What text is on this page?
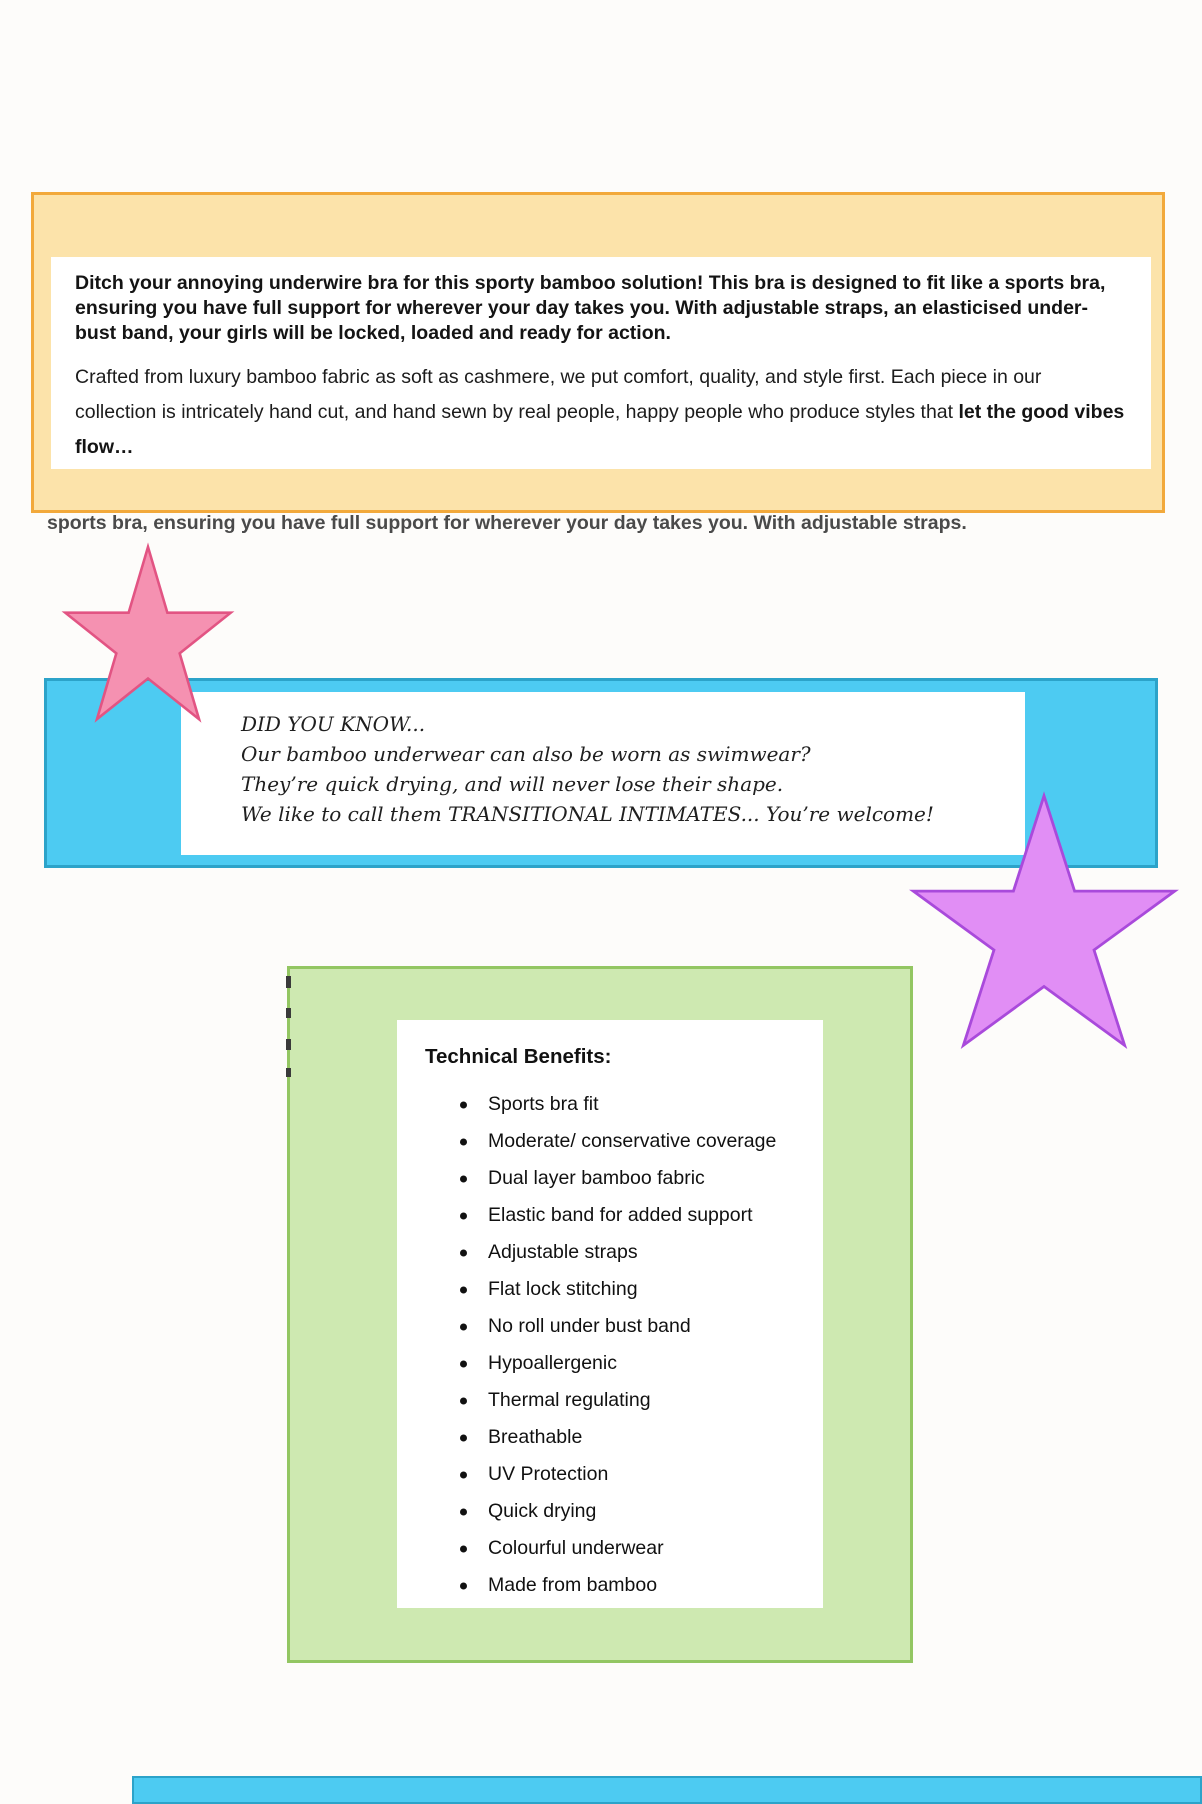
Ditch your annoying underwire bra for this sporty bamboo solution! This bra is designed to fit like a sports bra, ensuring you have full support for wherever your day takes you. With adjustable straps, an elasticised under-bust band, your girls will be locked, loaded and ready for action.

Crafted from luxury bamboo fabric as soft as cashmere, we put comfort, quality, and style first. Each piece in our collection is intricately hand cut, and hand sewn by real people, happy people who produce styles that let the good vibes flow…

sports bra, ensuring you have full support for wherever your day takes you. With adjustable straps.

DID YOU KNOW...

Our bamboo underwear can also be worn as swimwear?

They’re quick drying, and will never lose their shape.

We like to call them TRANSITIONAL INTIMATES... You’re welcome!

Technical Benefits:

Sports bra fit
Moderate/ conservative coverage
Dual layer bamboo fabric
Elastic band for added support
Adjustable straps
Flat lock stitching
No roll under bust band
Hypoallergenic
Thermal regulating
Breathable
UV Protection
Quick drying
Colourful underwear
Made from bamboo
